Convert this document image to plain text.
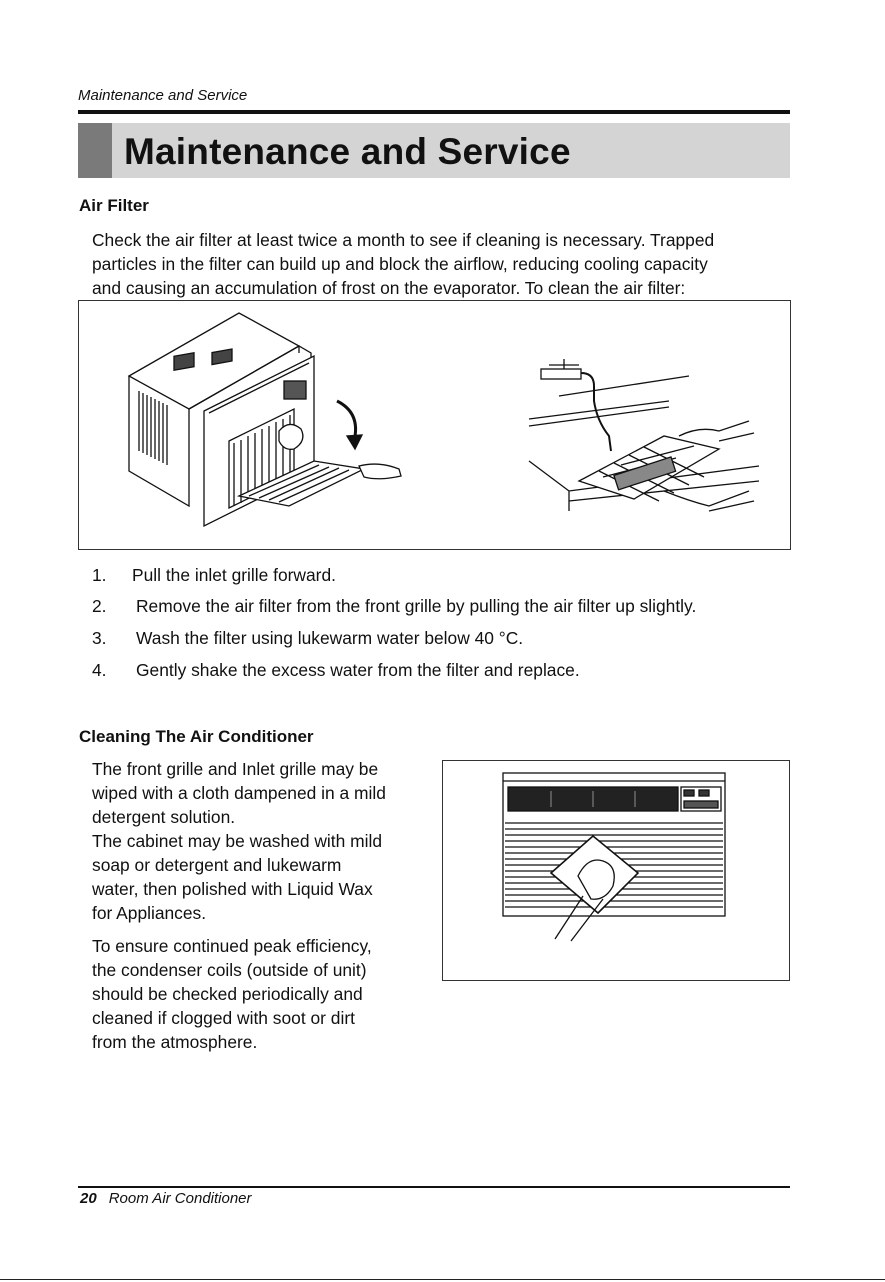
Maintenance and Service
Maintenance and Service
Air Filter
Check the air filter at least twice a month to see if cleaning is necessary. Trapped
particles in the filter can build up and block the airflow, reducing cooling capacity
and causing an accumulation of frost on the evaporator. To clean the air filter:
1. Pull the inlet grille forward.
2. Remove the air filter from the front grille by pulling the air filter up slightly.
3. Wash the filter using lukewarm water below 40 °C.
4. Gently shake the excess water from the filter and replace.
Cleaning The Air Conditioner
The front grille and Inlet grille may be
wiped with a cloth dampened in a mild
detergent solution.
The cabinet may be washed with mild
soap or detergent and lukewarm
water, then polished with Liquid Wax
for Appliances.
To ensure continued peak efficiency,
the condenser coils (outside of unit)
should be checked periodically and
cleaned if clogged with soot or dirt
from the atmosphere.
20 Room Air Conditioner
